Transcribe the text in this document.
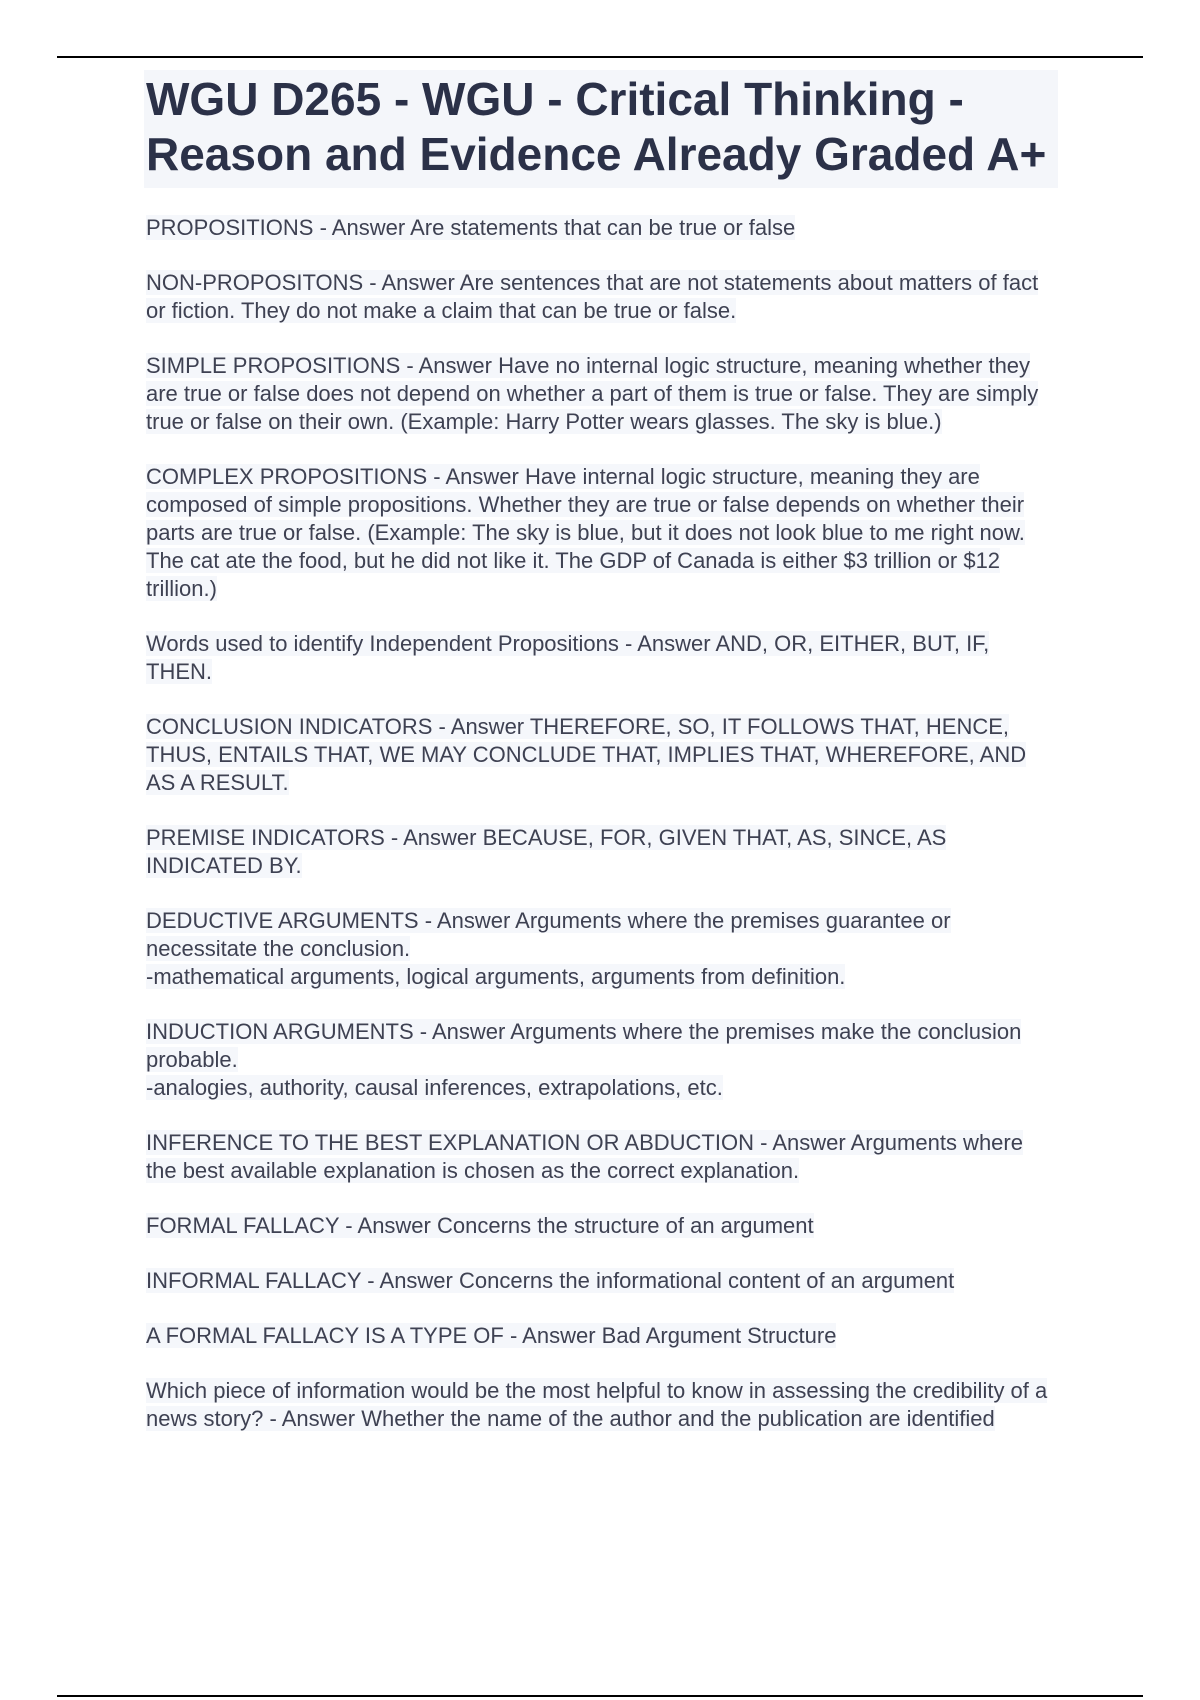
WGU D265 - WGU - Critical Thinking - Reason and Evidence Already Graded A+
PROPOSITIONS - Answer Are statements that can be true or false
NON-PROPOSITONS - Answer Are sentences that are not statements about matters of fact or fiction. They do not make a claim that can be true or false.
SIMPLE PROPOSITIONS - Answer Have no internal logic structure, meaning whether they are true or false does not depend on whether a part of them is true or false. They are simply true or false on their own. (Example: Harry Potter wears glasses. The sky is blue.)
COMPLEX PROPOSITIONS - Answer Have internal logic structure, meaning they are composed of simple propositions. Whether they are true or false depends on whether their parts are true or false. (Example: The sky is blue, but it does not look blue to me right now. The cat ate the food, but he did not like it. The GDP of Canada is either $3 trillion or $12 trillion.)
Words used to identify Independent Propositions - Answer AND, OR, EITHER, BUT, IF, THEN.
CONCLUSION INDICATORS - Answer THEREFORE, SO, IT FOLLOWS THAT, HENCE, THUS, ENTAILS THAT, WE MAY CONCLUDE THAT, IMPLIES THAT, WHEREFORE, AND AS A RESULT.
PREMISE INDICATORS - Answer BECAUSE, FOR, GIVEN THAT, AS, SINCE, AS INDICATED BY.
DEDUCTIVE ARGUMENTS - Answer Arguments where the premises guarantee or necessitate the conclusion.
-mathematical arguments, logical arguments, arguments from definition.
INDUCTION ARGUMENTS - Answer Arguments where the premises make the conclusion probable.
-analogies, authority, causal inferences, extrapolations, etc.
INFERENCE TO THE BEST EXPLANATION OR ABDUCTION - Answer Arguments where the best available explanation is chosen as the correct explanation.
FORMAL FALLACY - Answer Concerns the structure of an argument
INFORMAL FALLACY - Answer Concerns the informational content of an argument
A FORMAL FALLACY IS A TYPE OF - Answer Bad Argument Structure
Which piece of information would be the most helpful to know in assessing the credibility of a news story? - Answer Whether the name of the author and the publication are identified
